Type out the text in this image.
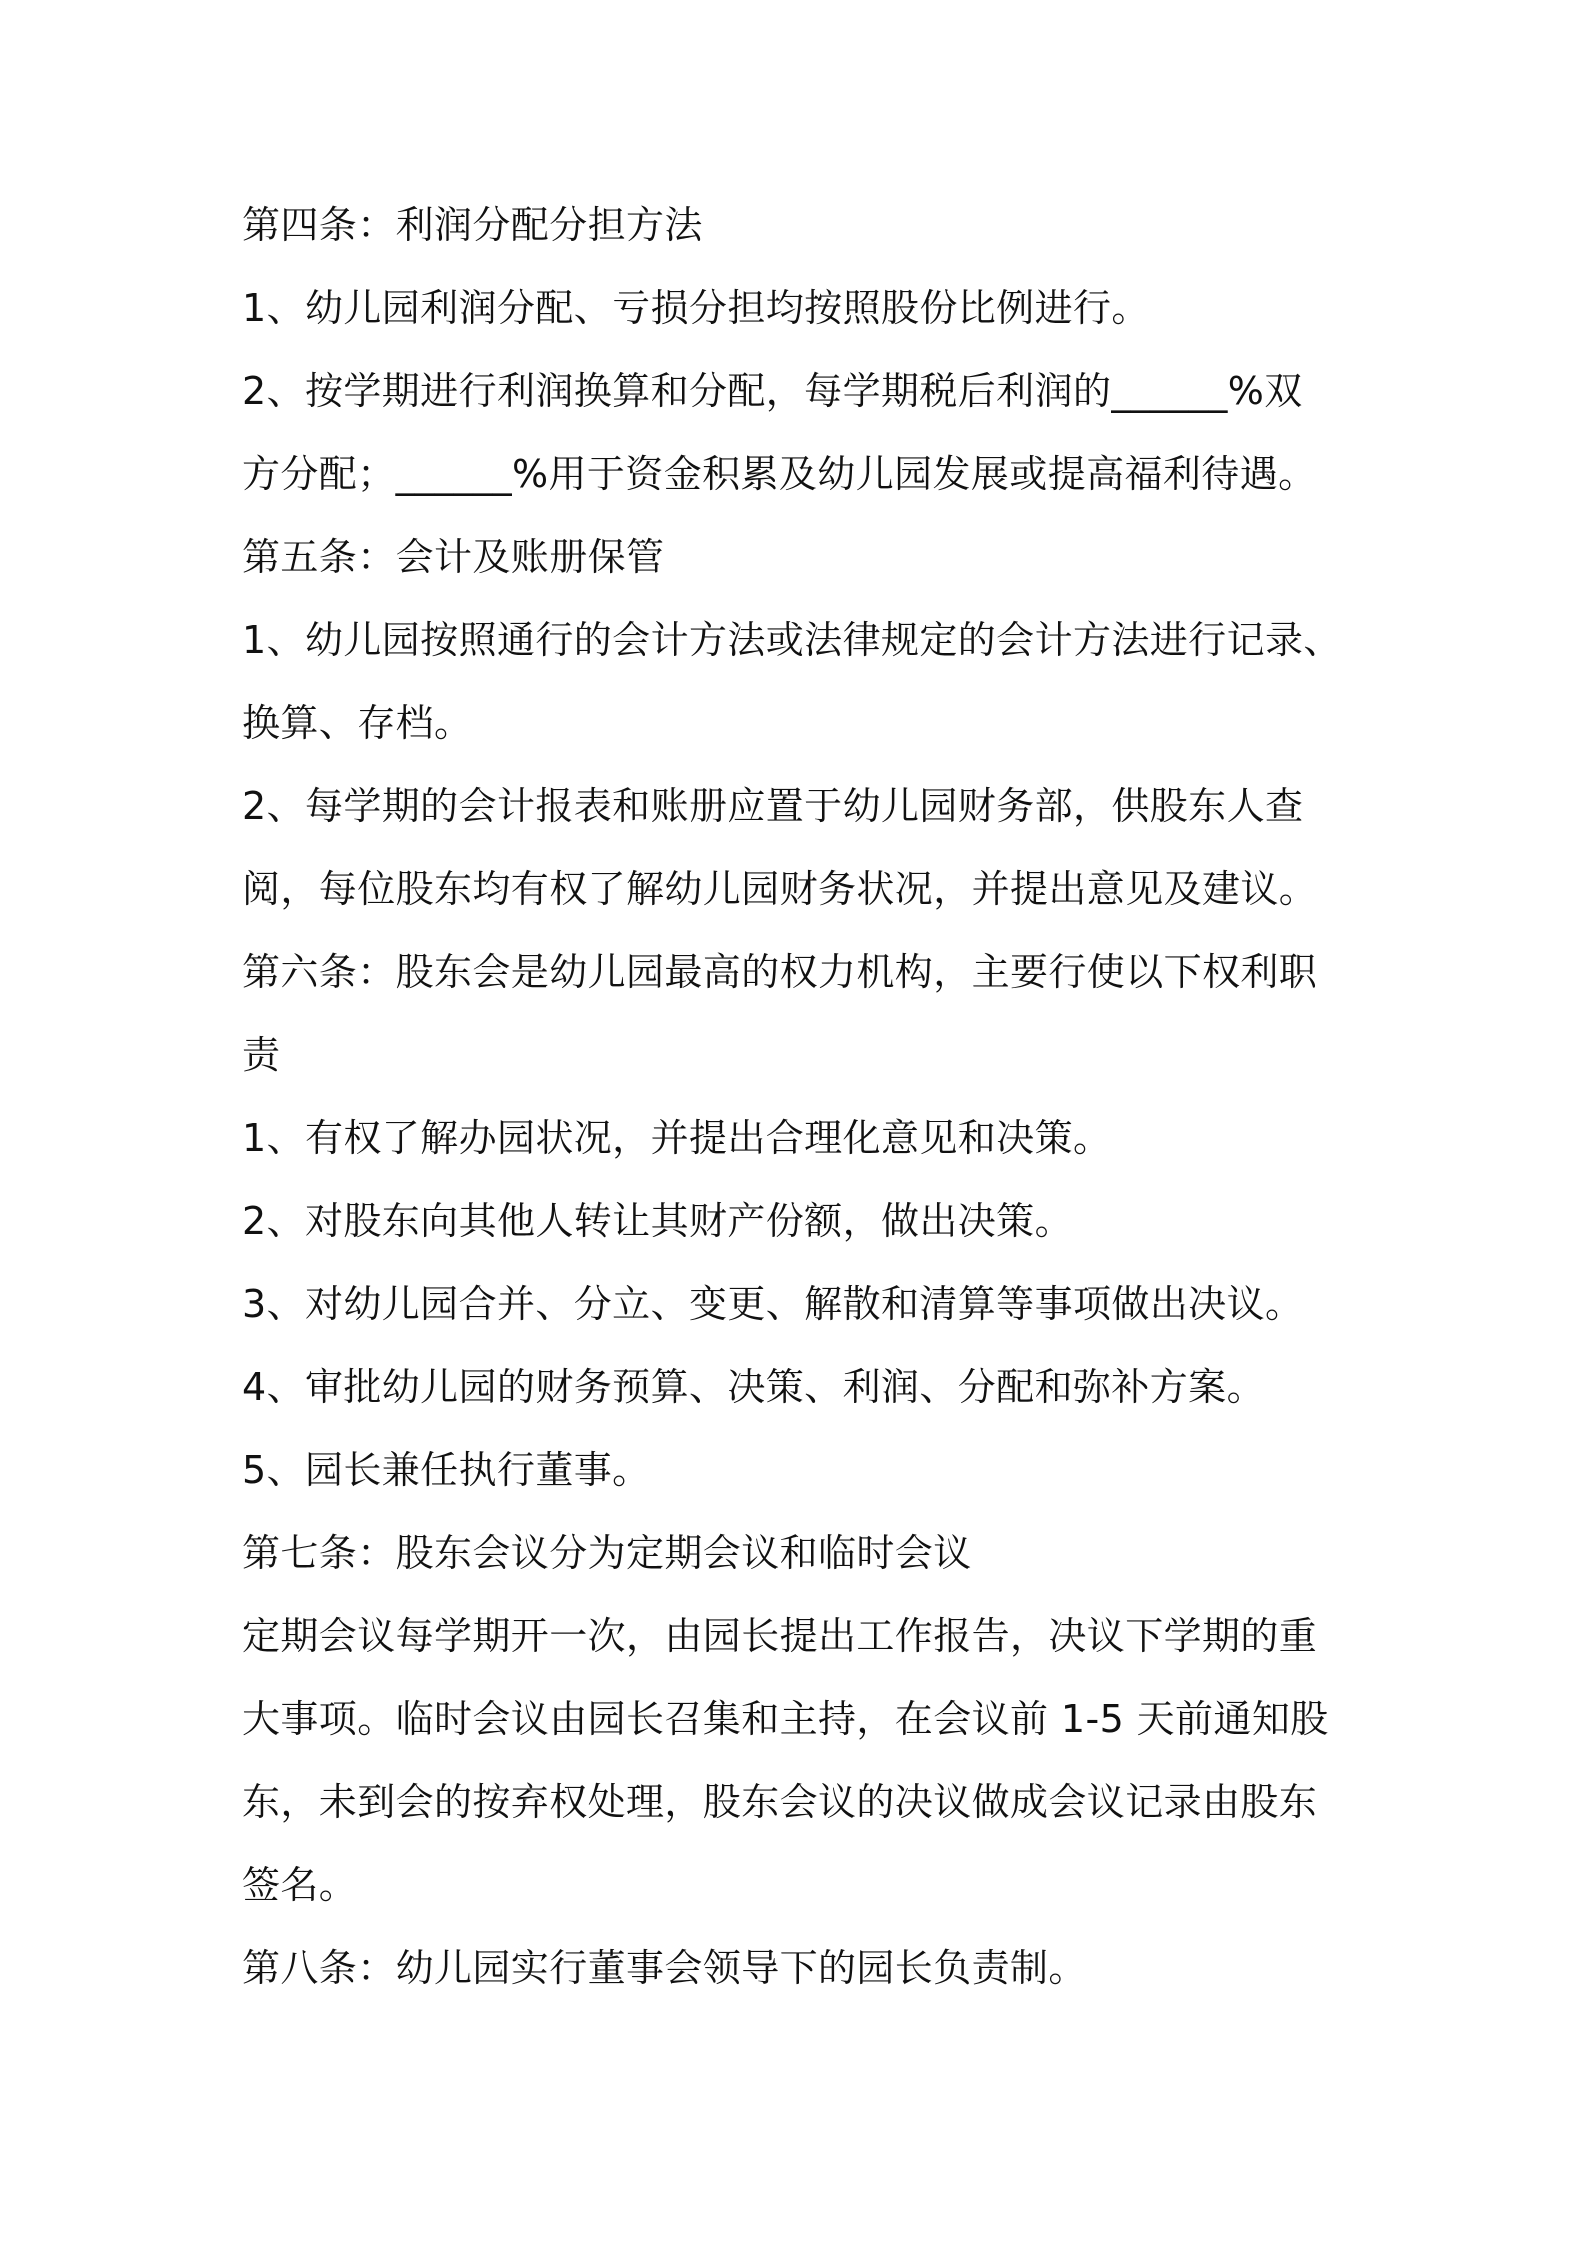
第四条：利润分配分担方法
1、幼儿园利润分配、亏损分担均按照股份比例进行。
2、按学期进行利润换算和分配，每学期税后利润的______%双
方分配；______%用于资金积累及幼儿园发展或提高福利待遇。
第五条：会计及账册保管
1、幼儿园按照通行的会计方法或法律规定的会计方法进行记录、
换算、存档。
2、每学期的会计报表和账册应置于幼儿园财务部，供股东人查
阅，每位股东均有权了解幼儿园财务状况，并提出意见及建议。
第六条：股东会是幼儿园最高的权力机构，主要行使以下权利职
责
1、有权了解办园状况，并提出合理化意见和决策。
2、对股东向其他人转让其财产份额，做出决策。
3、对幼儿园合并、分立、变更、解散和清算等事项做出决议。
4、审批幼儿园的财务预算、决策、利润、分配和弥补方案。
5、园长兼任执行董事。
第七条：股东会议分为定期会议和临时会议
定期会议每学期开一次，由园长提出工作报告，决议下学期的重
大事项。临时会议由园长召集和主持，在会议前 1-5 天前通知股
东，未到会的按弃权处理，股东会议的决议做成会议记录由股东
签名。
第八条：幼儿园实行董事会领导下的园长负责制。
